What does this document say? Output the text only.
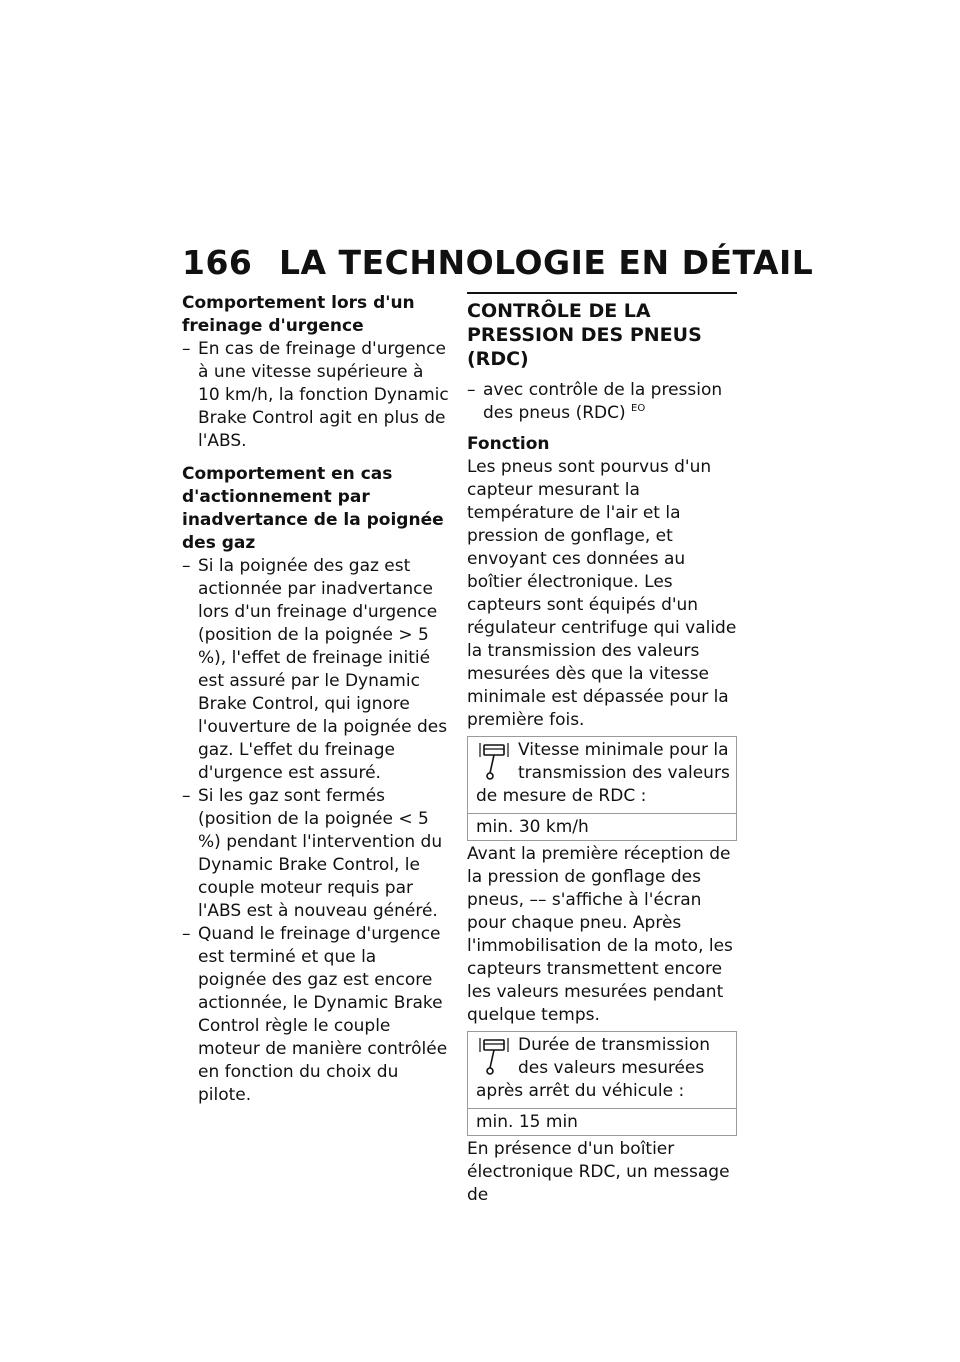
166 LA TECHNOLOGIE EN DÉTAIL

Comportement lors d'un freinage d'urgence

– En cas de freinage d'urgence à une vitesse supérieure à 10 km/h, la fonction Dynamic Brake Control agit en plus de l'ABS.

Comportement en cas d'actionnement par inadvertance de la poignée des gaz

– Si la poignée des gaz est actionnée par inadvertance lors d'un freinage d'urgence (position de la poignée > 5 %), l'effet de freinage initié est assuré par le Dynamic Brake Control, qui ignore l'ouverture de la poignée des gaz. L'effet du freinage d'urgence est assuré.
– Si les gaz sont fermés (position de la poignée < 5 %) pendant l'intervention du Dynamic Brake Control, le couple moteur requis par l'ABS est à nouveau généré.
– Quand le freinage d'urgence est terminé et que la poignée des gaz est encore actionnée, le Dynamic Brake Control règle le couple moteur de manière contrôlée en fonction du choix du pilote.
CONTRÔLE DE LA PRESSION DES PNEUS (RDC)
– avec contrôle de la pression des pneus (RDC) $^{EO}$

Fonction

Les pneus sont pourvus d'un capteur mesurant la température de l'air et la pression de gonflage, et envoyant ces données au boîtier électronique. Les capteurs sont équipés d'un régulateur centrifuge qui valide la transmission des valeurs mesurées dès que la vitesse minimale est dépassée pour la première fois.

Vitesse minimale pour la transmission des valeurs de mesure de RDC :
min. 30 km/h

Avant la première réception de la pression de gonflage des pneus, –– s'affiche à l'écran pour chaque pneu. Après l'immobilisation de la moto, les capteurs transmettent encore les valeurs mesurées pendant quelque temps.

Durée de transmission des valeurs mesurées après arrêt du véhicule :
min. 15 min

En présence d'un boîtier électronique RDC, un message de
